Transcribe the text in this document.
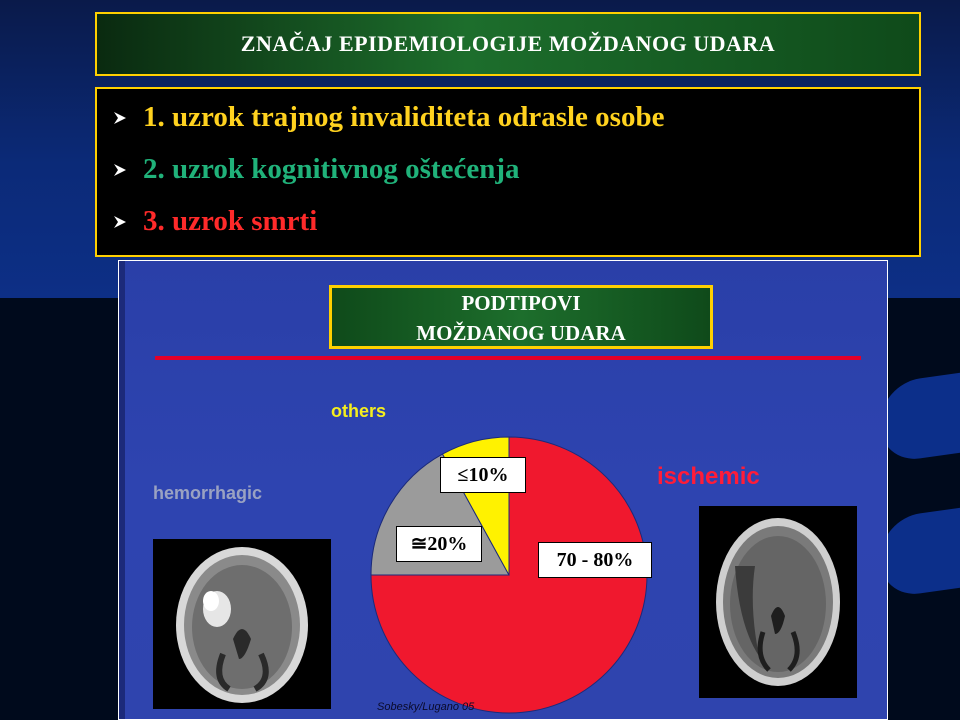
ZNAČAJ EPIDEMIOLOGIJE MOŽDANOG UDARA
1. uzrok trajnog invaliditeta odrasle osobe
2. uzrok kognitivnog oštećenja
3. uzrok smrti
PODTIPOVI
MOŽDANOG UDARA
others
hemorrhagic
ischemic
≤10%
≅20%
70 - 80%
Sobesky/Lugano 05
